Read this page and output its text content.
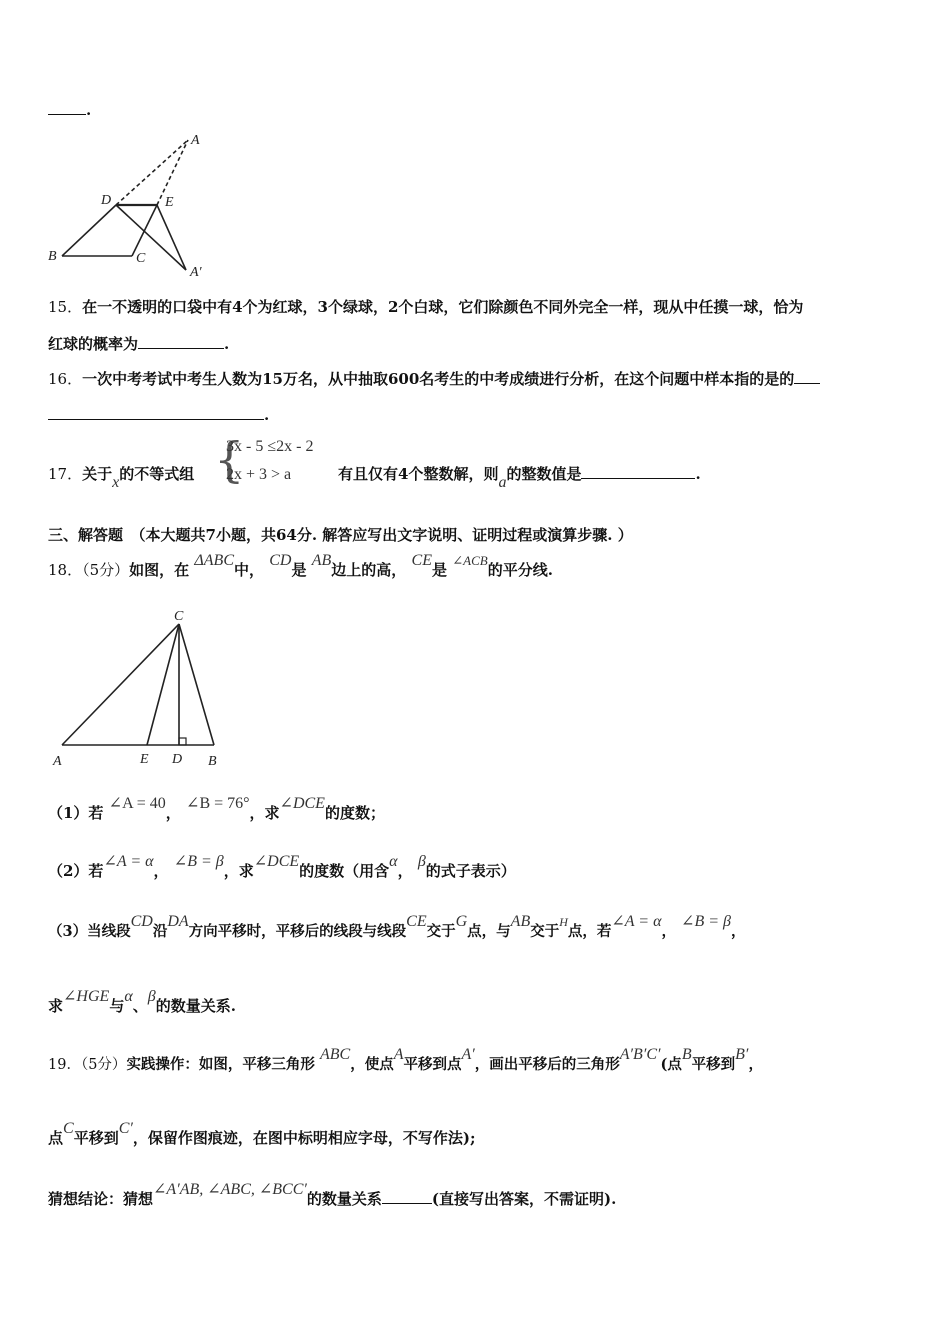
.
A
D	E
B	C
A′
15．在一不透明的口袋中有4个为红球，3个绿球，2个白球，它们除颜色不同外完全一样，现从中任摸一球，恰为
红球的概率为	.
16．一次中考考试中考生人数为15万名，从中抽取600名考生的中考成绩进行分析，在这个问题中样本指的是的
.
17．关于x的不等式组 {
3x - 5 ≤2x - 2
2x + 3 > a	有且仅有4个整数解，则a的整数值是	.
三、解答题　（本大题共7小题，共64分. 解答应写出文字说明、证明过程或演算步骤. ）
18．（5分）如图，在 ΔABC中， CD是 AB边上的高， CE是 ∠ACB的平分线.
C
A	E D B
（1）若 ∠A = 40， ∠B = 76°，求∠DCE的度数；
（2）若∠A = α， ∠B = β，求∠DCE的度数（用含α， β的式子表示）
（3）当线段CD沿DA方向平移时，平移后的线段与线段CE交于G点，与AB交于$^H$点，若∠A = α， ∠B = β，
求∠HGE与α、β的数量关系.
19．（5分）实践操作：如图，平移三角形 ABC，使点A平移到点A′，画出平移后的三角形A′B′C′(点B平移到B′，
点C平移到C′，保留作图痕迹，在图中标明相应字母，不写作法);
猜想结论：猜想∠A′AB, ∠ABC, ∠BCC′的数量关系	(直接写出答案，不需证明).
